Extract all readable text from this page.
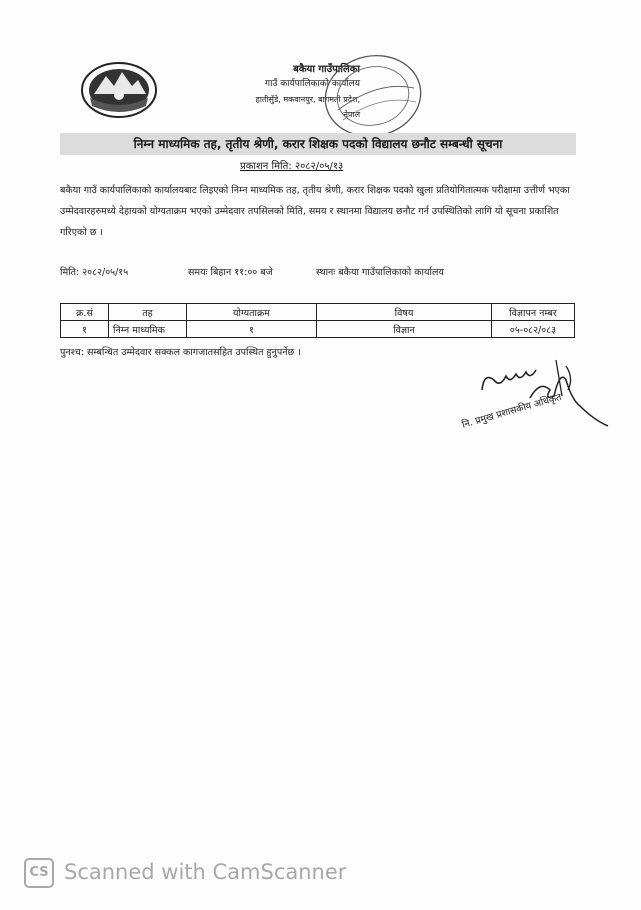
बकैया गाउँपालिका
गाउँ कार्यपालिकाको कार्यालय
हातीसुँडे, मकवानपुर, बागमती प्रदेश, नेपाल
निम्न माध्यमिक तह, तृतीय श्रेणी, करार शिक्षक पदको विद्यालय छनौट सम्बन्धी सूचना
प्रकाशन मिति: २०८२/०५/१३
बकैया गाउँ कार्यपालिकाको कार्यालयबाट लिइएको निम्न माध्यमिक तह, तृतीय श्रेणी, करार शिक्षक पदको खुला प्रतियोगितात्मक परीक्षामा उत्तीर्ण भएका उम्मेदवारहरुमध्ये देहायको योग्यताक्रम भएको उम्मेदवार तपसिलको मिति, समय र स्थानमा विद्यालय छनौट गर्न उपस्थितिको लागि यो सूचना प्रकाशित गरिएको छ ।
मिति: २०८२/०५/१५	समयः बिहान ११:०० बजे	स्थानः बकैया गाउँपालिकाको कार्यालय
क्र.सं	तह	योग्यताक्रम	विषय	विज्ञापन नम्बर
१	निम्न माध्यमिक	१	विज्ञान	०५-०८२/०८३
पुनश्च: सम्बन्धित उम्मेदवार सक्कल कागजातसहित उपस्थित हुनुपर्नेछ ।
नि. प्रमुख प्रशासकीय अधिकृत
CS Scanned with CamScanner
